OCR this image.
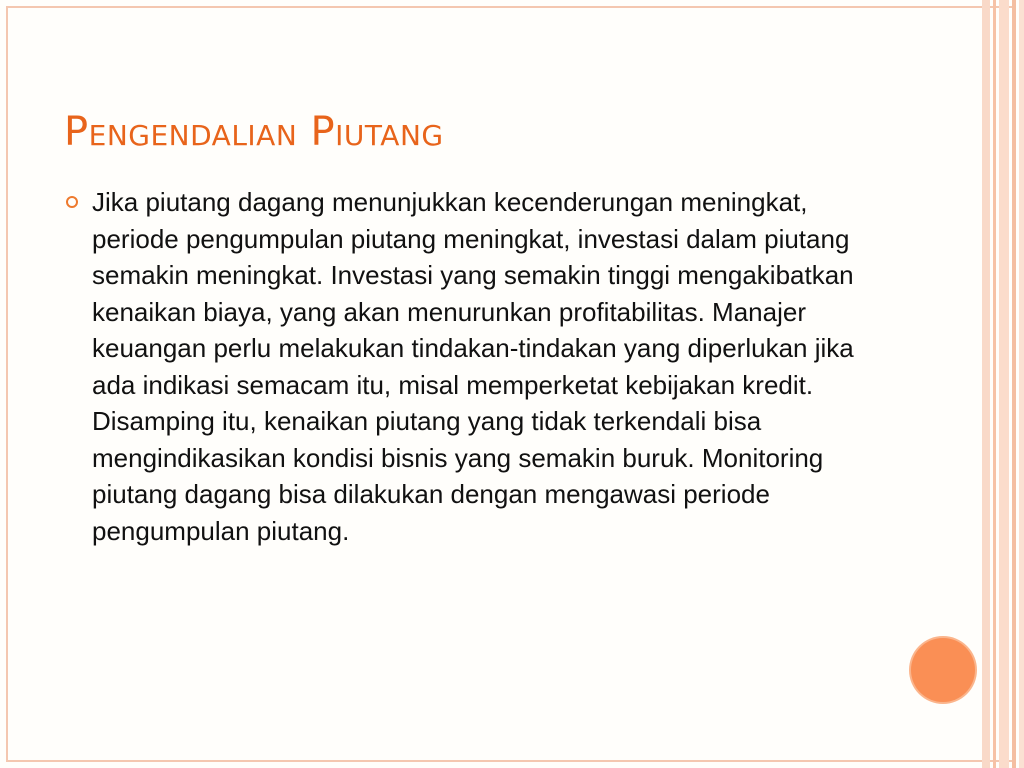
Pengendalian Piutang

Jika piutang dagang menunjukkan kecenderungan meningkat, periode pengumpulan piutang meningkat, investasi dalam piutang semakin meningkat. Investasi yang semakin tinggi mengakibatkan kenaikan biaya, yang akan menurunkan profitabilitas. Manajer keuangan perlu melakukan tindakan-tindakan yang diperlukan jika ada indikasi semacam itu, misal memperketat kebijakan kredit. Disamping itu, kenaikan piutang yang tidak terkendali bisa mengindikasikan kondisi bisnis yang semakin buruk. Monitoring piutang dagang bisa dilakukan dengan mengawasi periode pengumpulan piutang.
